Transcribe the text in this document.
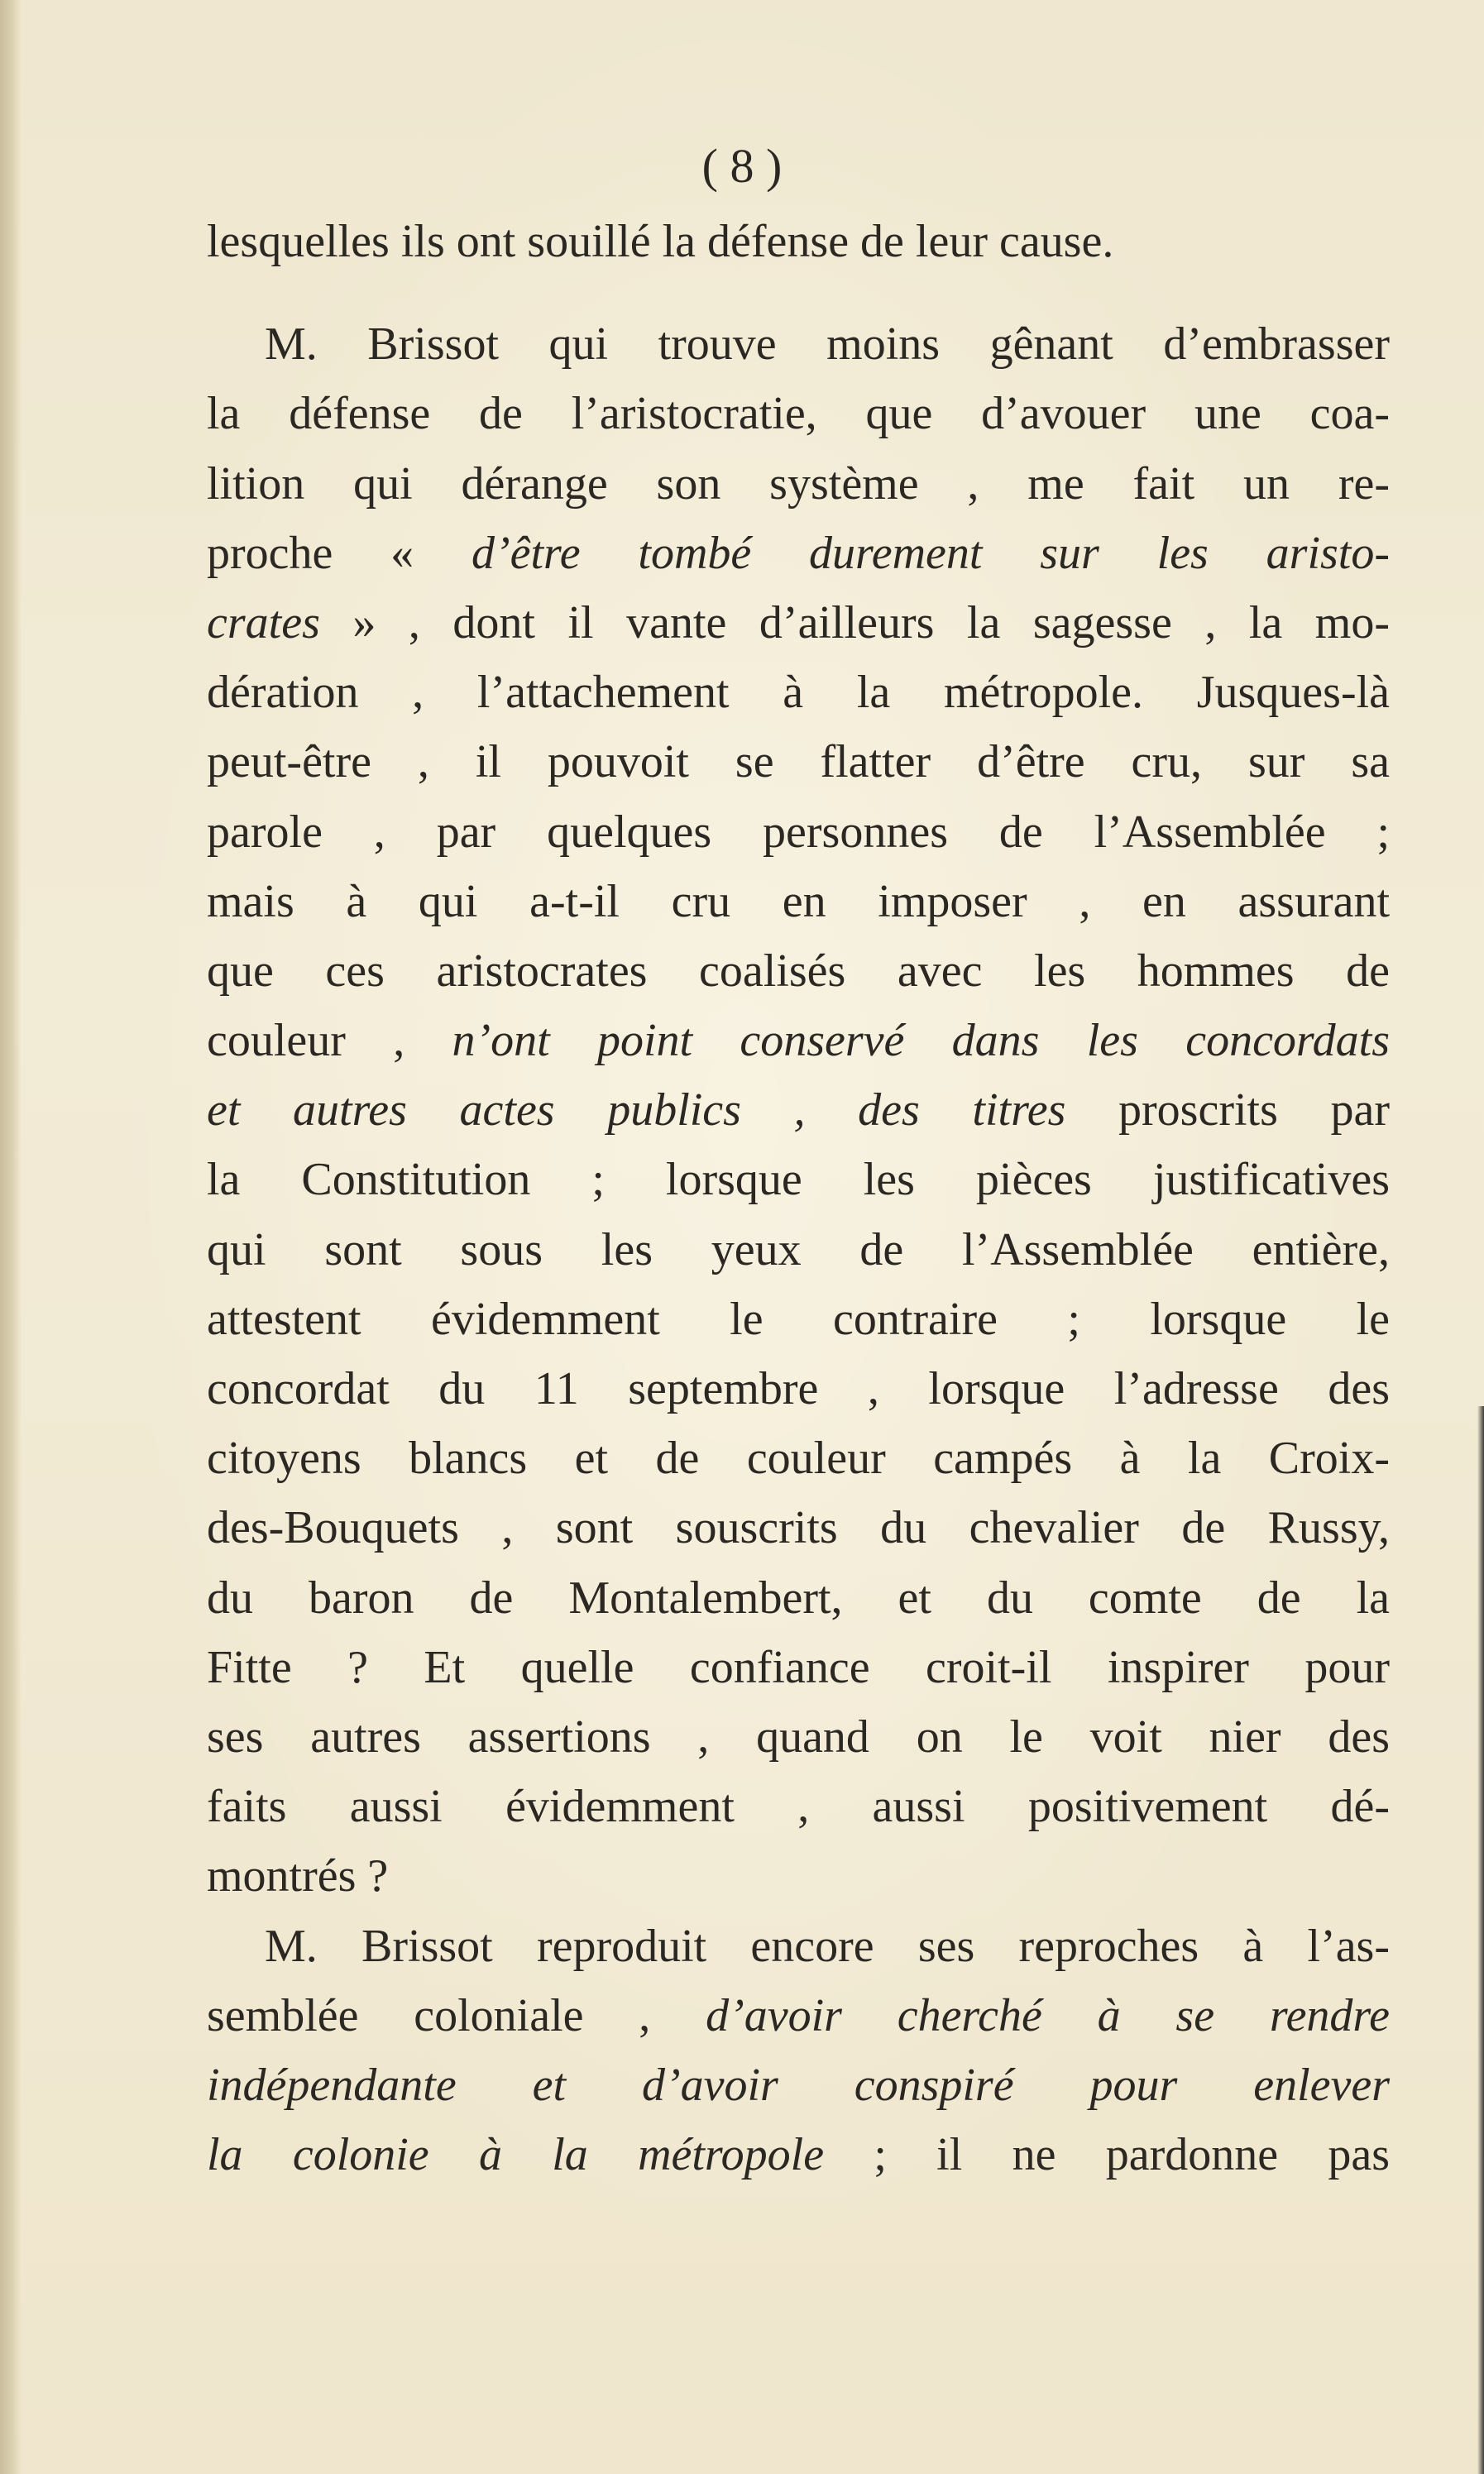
( 8 )
lesquelles ils ont souillé la défense de leur cause.
M. Brissot qui trouve moins gênant d’embrasser
la défense de l’aristocratie, que d’avouer une coa-
lition qui dérange son système , me fait un re-
proche « d’être tombé durement sur les aristo-
crates » , dont il vante d’ailleurs la sagesse , la mo-
dération , l’attachement à la métropole. Jusques-là
peut-être , il pouvoit se flatter d’être cru, sur sa
parole , par quelques personnes de l’Assemblée ;
mais à qui a-t-il cru en imposer , en assurant
que ces aristocrates coalisés avec les hommes de
couleur , n’ont point conservé dans les concordats
et autres actes publics , des titres proscrits par
la Constitution ; lorsque les pièces justificatives
qui sont sous les yeux de l’Assemblée entière,
attestent évidemment le contraire ; lorsque le
concordat du 11 septembre , lorsque l’adresse des
citoyens blancs et de couleur campés à la Croix-
des-Bouquets , sont souscrits du chevalier de Russy,
du baron de Montalembert, et du comte de la
Fitte ? Et quelle confiance croit-il inspirer pour
ses autres assertions , quand on le voit nier des
faits aussi évidemment , aussi positivement dé-
montrés ?
M. Brissot reproduit encore ses reproches à l’as-
semblée coloniale , d’avoir cherché à se rendre
indépendante et d’avoir conspiré pour enlever
la colonie à la métropole ; il ne pardonne pas
